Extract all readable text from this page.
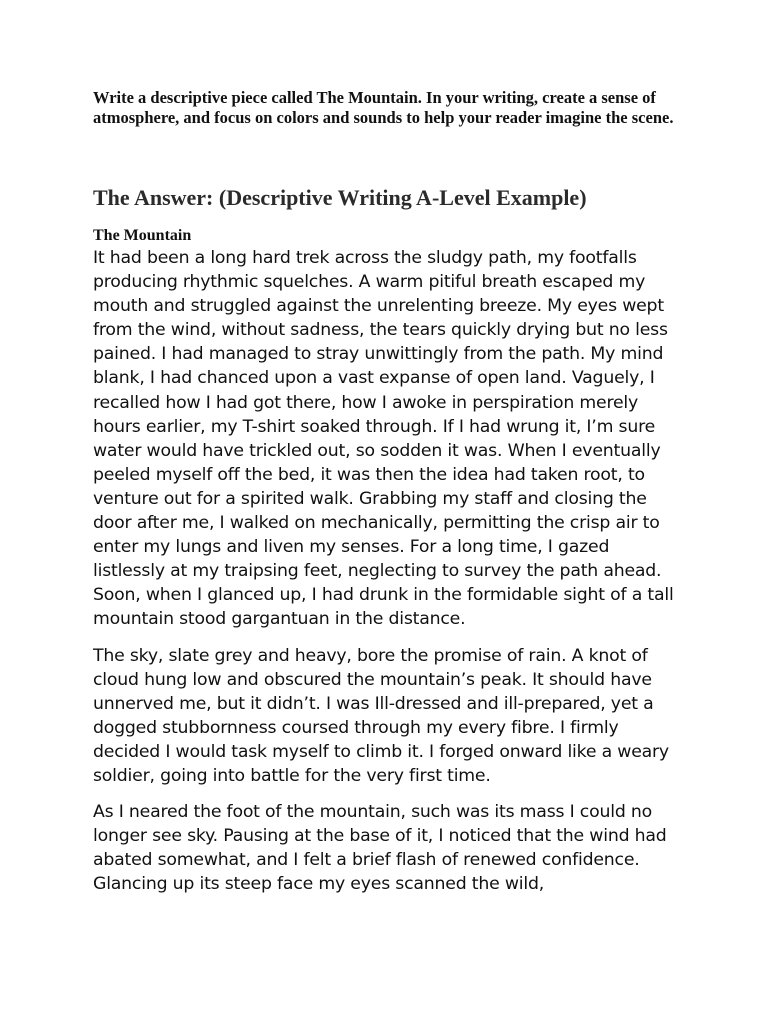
Write a descriptive piece called The Mountain. In your writing, create a sense of atmosphere, and focus on colors and sounds to help your reader imagine the scene.

The Answer: (Descriptive Writing A-Level Example)
The Mountain

It had been a long hard trek across the sludgy path, my footfalls producing rhythmic squelches. A warm pitiful breath escaped my mouth and struggled against the unrelenting breeze. My eyes wept from the wind, without sadness, the tears quickly drying but no less pained. I had managed to stray unwittingly from the path. My mind blank, I had chanced upon a vast expanse of open land. Vaguely, I recalled how I had got there, how I awoke in perspiration merely hours earlier, my T-shirt soaked through. If I had wrung it, I’m sure water would have trickled out, so sodden it was. When I eventually peeled myself off the bed, it was then the idea had taken root, to venture out for a spirited walk. Grabbing my staff and closing the door after me, I walked on mechanically, permitting the crisp air to enter my lungs and liven my senses. For a long time, I gazed listlessly at my traipsing feet, neglecting to survey the path ahead. Soon, when I glanced up, I had drunk in the formidable sight of a tall mountain stood gargantuan in the distance.

The sky, slate grey and heavy, bore the promise of rain. A knot of cloud hung low and obscured the mountain’s peak. It should have unnerved me, but it didn’t. I was Ill-dressed and ill-prepared, yet a dogged stubbornness coursed through my every fibre. I firmly decided I would task myself to climb it. I forged onward like a weary soldier, going into battle for the very first time.

As I neared the foot of the mountain, such was its mass I could no longer see sky. Pausing at the base of it, I noticed that the wind had abated somewhat, and I felt a brief flash of renewed confidence. Glancing up its steep face my eyes scanned the wild,
